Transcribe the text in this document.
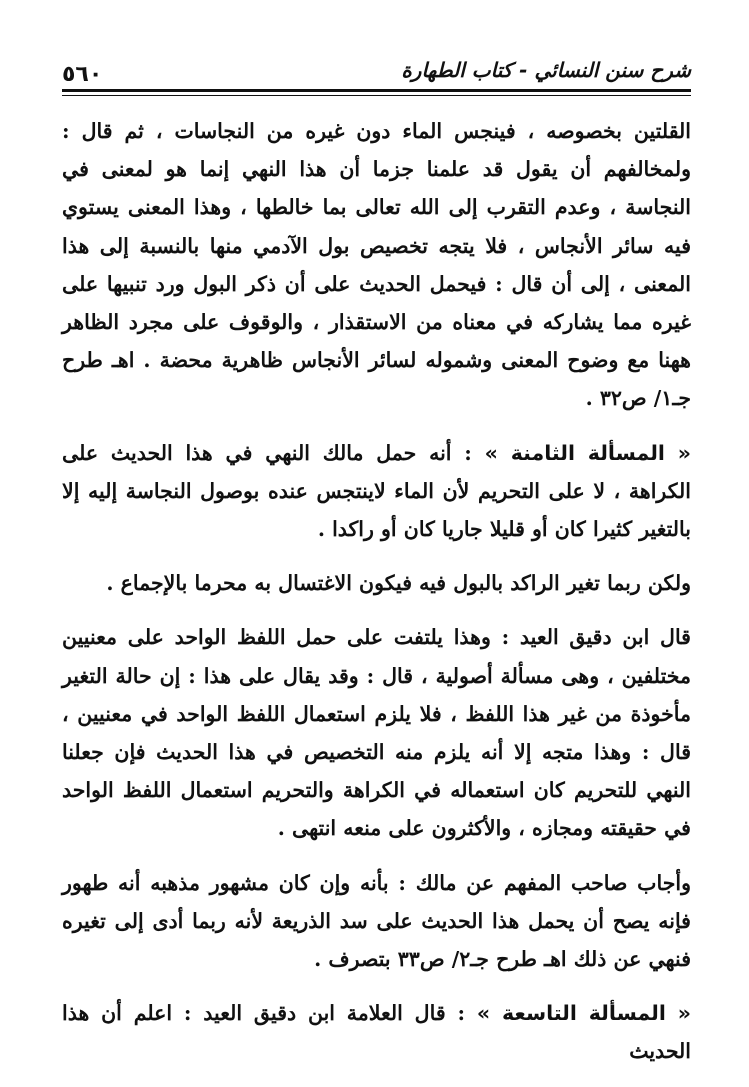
شرح سنن النسائي - كتاب الطهارة
٥٦٠

القلتين بخصوصه ، فينجس الماء دون غيره من النجاسات ، ثم قال : ولمخالفهم أن يقول قد علمنا جزما أن هذا النهي إنما هو لمعنى في النجاسة ، وعدم التقرب إلى الله تعالى بما خالطها ، وهذا المعنى يستوي فيه سائر الأنجاس ، فلا يتجه تخصيص بول الآدمي منها بالنسبة إلى هذا المعنى ، إلى أن قال : فيحمل الحديث على أن ذكر البول ورد تنبيها على غيره مما يشاركه في معناه من الاستقذار ، والوقوف على مجرد الظاهر ههنا مع وضوح المعنى وشموله لسائر الأنجاس ظاهرية محضة . اهـ طرح جـ١/ ص٣٢ .

« المسألة الثامنة » : أنه حمل مالك النهي في هذا الحديث على الكراهة ، لا على التحريم لأن الماء لاينتجس عنده بوصول النجاسة إليه إلا بالتغير كثيرا كان أو قليلا جاريا كان أو راكدا .

ولكن ربما تغير الراكد بالبول فيه فيكون الاغتسال به محرما بالإجماع .

قال ابن دقيق العيد : وهذا يلتفت على حمل اللفظ الواحد على معنيين مختلفين ، وهى مسألة أصولية ، قال : وقد يقال على هذا : إن حالة التغير مأخوذة من غير هذا اللفظ ، فلا يلزم استعمال اللفظ الواحد في معنيين ، قال : وهذا متجه إلا أنه يلزم منه التخصيص في هذا الحديث فإن جعلنا النهي للتحريم كان استعماله في الكراهة والتحريم استعمال اللفظ الواحد في حقيقته ومجازه ، والأكثرون على منعه انتهى .

وأجاب صاحب المفهم عن مالك : بأنه وإن كان مشهور مذهبه أنه طهور فإنه يصح أن يحمل هذا الحديث على سد الذريعة لأنه ربما أدى إلى تغيره فنهي عن ذلك اهـ طرح جـ٢/ ص٣٣ بتصرف .

« المسألة التاسعة » : قال العلامة ابن دقيق العيد : اعلم أن هذا الحديث
